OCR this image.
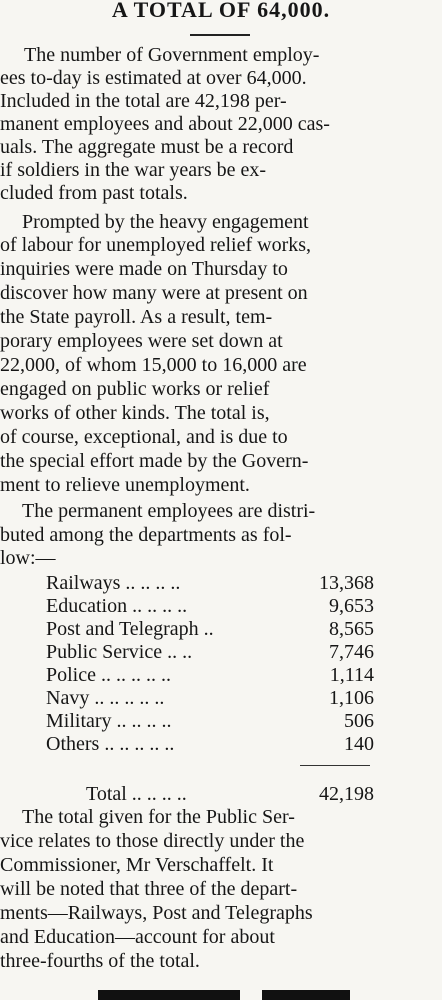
A TOTAL OF 64,000.
The number of Government employ-
ees to-day is estimated at over 64,000.
Included in the total are 42,198 per-
manent employees and about 22,000 cas-
uals. The aggregate must be a record
if soldiers in the war years be ex-
cluded from past totals.
Prompted by the heavy engagement
of labour for unemployed relief works,
inquiries were made on Thursday to
discover how many were at present on
the State payroll. As a result, tem-
porary employees were set down at
22,000, of whom 15,000 to 16,000 are
engaged on public works or relief
works of other kinds. The total is,
of course, exceptional, and is due to
the special effort made by the Govern-
ment to relieve unemployment.
The permanent employees are distri-
buted among the departments as fol-
low:—
Railways .. .. .. ..	13,368
Education .. .. .. ..	9,653
Post and Telegraph ..	8,565
Public Service .. ..	7,746
Police .. .. .. .. ..	1,114
Navy .. .. .. .. ..	1,106
Military .. .. .. ..	506
Others .. .. .. .. ..	140
Total .. .. .. ..	42,198
The total given for the Public Ser-
vice relates to those directly under the
Commissioner, Mr Verschaffelt. It
will be noted that three of the depart-
ments—Railways, Post and Telegraphs
and Education—account for about
three-fourths of the total.
